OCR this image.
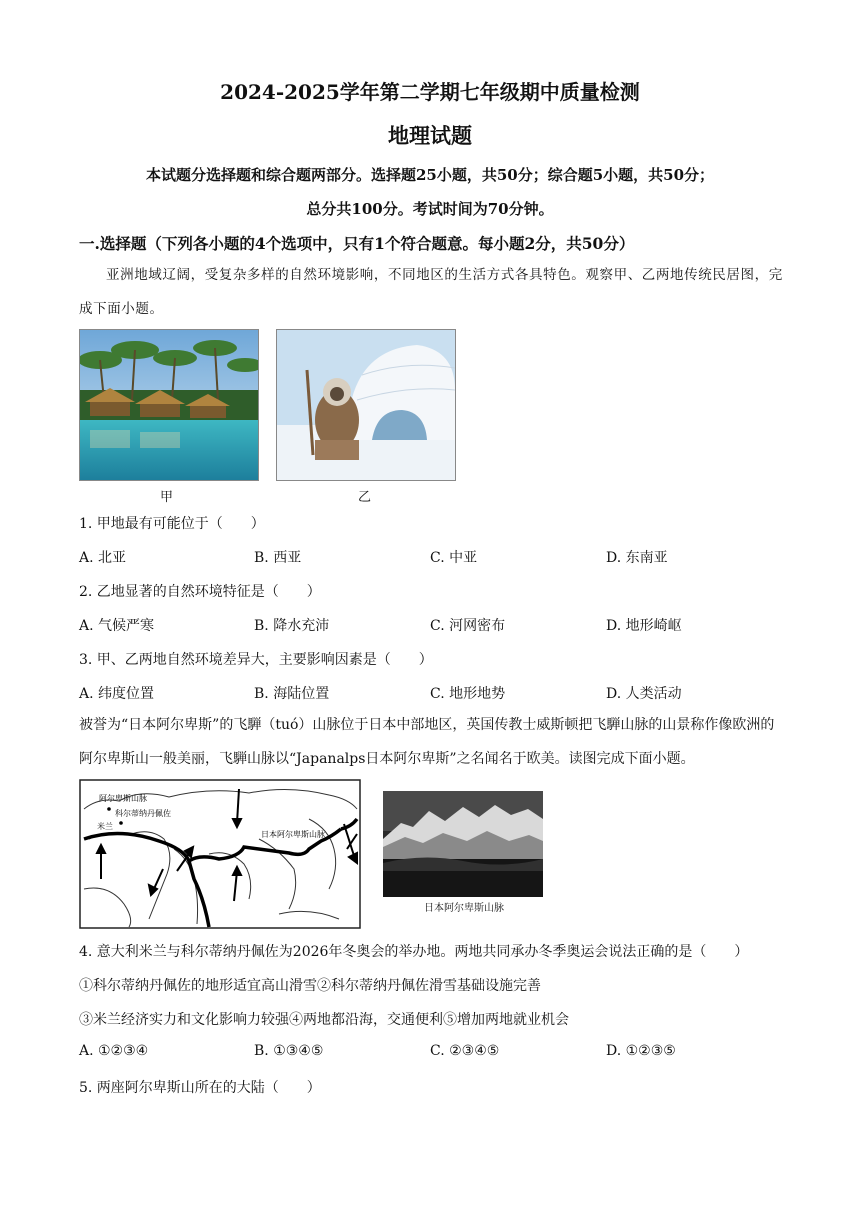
2024-2025学年第二学期七年级期中质量检测
地理试题
本试题分选择题和综合题两部分。选择题25小题，共50分；综合题5小题，共50分；
总分共100分。考试时间为70分钟。
一.选择题（下列各小题的4个选项中，只有1个符合题意。每小题2分，共50分）
亚洲地域辽阔，受复杂多样的自然环境影响，不同地区的生活方式各具特色。观察甲、乙两地传统民居图，完成下面小题。
甲	乙
1. 甲地最有可能位于（　　）
A. 北亚	B. 西亚	C. 中亚	D. 东南亚
2. 乙地显著的自然环境特征是（　　）
A. 气候严寒	B. 降水充沛	C. 河网密布	D. 地形崎岖
3. 甲、乙两地自然环境差异大，主要影响因素是（　　）
A. 纬度位置	B. 海陆位置	C. 地形地势	D. 人类活动
被誉为“日本阿尔卑斯”的飞騨（tuó）山脉位于日本中部地区，英国传教士威斯顿把飞騨山脉的山景称作像欧洲的阿尔卑斯山一般美丽，飞騨山脉以“Japanalps日本阿尔卑斯”之名闻名于欧美。读图完成下面小题。
阿尔卑斯山脉
科尔蒂纳丹佩佐
米兰
日本阿尔卑斯山脉
日本阿尔卑斯山脉
4. 意大利米兰与科尔蒂纳丹佩佐为2026年冬奥会的举办地。两地共同承办冬季奥运会说法正确的是（　　）
①科尔蒂纳丹佩佐的地形适宜高山滑雪②科尔蒂纳丹佩佐滑雪基础设施完善
③米兰经济实力和文化影响力较强④两地都沿海，交通便利⑤增加两地就业机会
A. ①②③④	B. ①③④⑤	C. ②③④⑤	D. ①②③⑤
5. 两座阿尔卑斯山所在的大陆（　　）
